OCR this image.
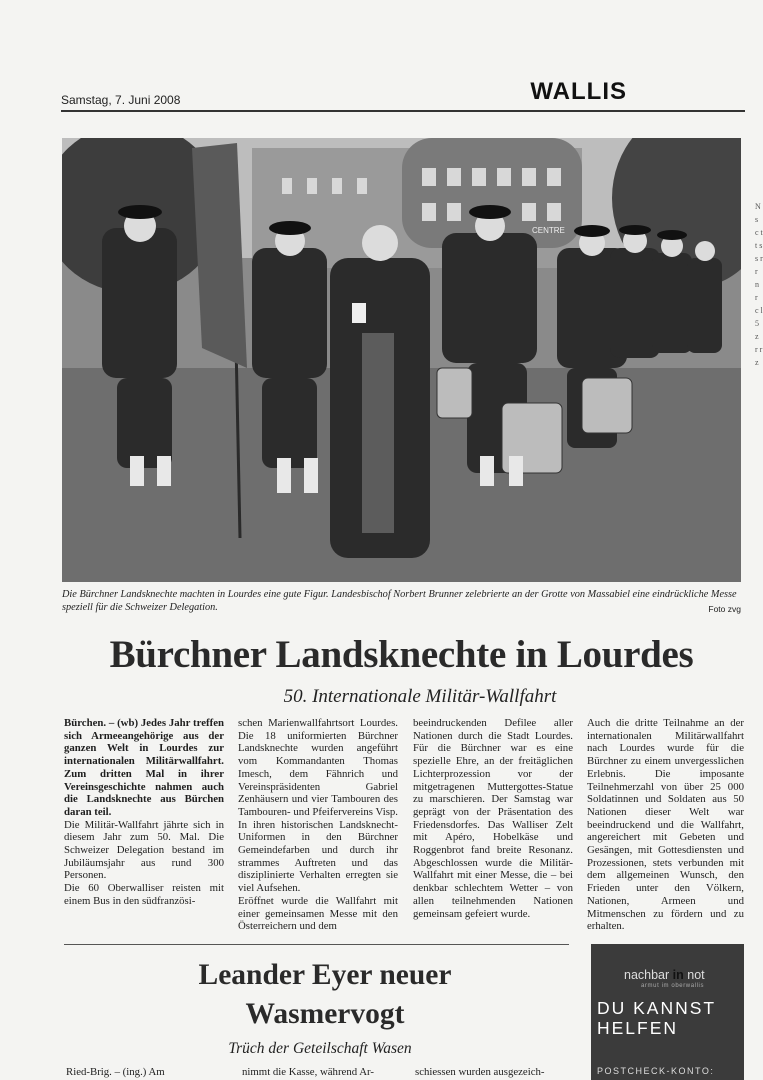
Samstag, 7. Juni 2008	WALLIS
CENTRE
Die Bürchner Landsknechte machten in Lourdes eine gute Figur. Landesbischof Norbert Brunner zelebrierte an der Grotte von Massabiel eine eindrückliche Messe speziell für die Schweizer Delegation.	Foto zvg
Bürchner Landsknechte in Lourdes
50. Internationale Militär-Wallfahrt

Bürchen. – (wb) Jedes Jahr treffen sich Armeeangehörige aus der ganzen Welt in Lourdes zur internationalen Militärwallfahrt. Zum dritten Mal in ihrer Vereinsgeschichte nahmen auch die Landsknechte aus Bürchen daran teil.

Die Militär-Wallfahrt jährte sich in diesem Jahr zum 50. Mal. Die Schweizer Delegation bestand im Jubiläumsjahr aus rund 300 Personen.

Die 60 Oberwalliser reisten mit einem Bus in den südfranzösi-

schen Marienwallfahrtsort Lourdes. Die 18 uniformierten Bürchner Landsknechte wurden angeführt vom Kommandanten Thomas Imesch, dem Fähnrich und Vereinspräsidenten Gabriel Zenhäusern und vier Tambouren des Tambouren- und Pfeifervereins Visp. In ihren historischen Landsknecht-Uniformen in den Bürchner Gemeindefarben und durch ihr strammes Auftreten und das disziplinierte Verhalten erregten sie viel Aufsehen.

Eröffnet wurde die Wallfahrt mit einer gemeinsamen Messe mit den Österreichern und dem

beeindruckenden Defilee aller Nationen durch die Stadt Lourdes. Für die Bürchner war es eine spezielle Ehre, an der freitäglichen Lichterprozession vor der mitgetragenen Muttergottes-Statue zu marschieren. Der Samstag war geprägt von der Präsentation des Friedensdorfes. Das Walliser Zelt mit Apéro, Hobelkäse und Roggenbrot fand breite Resonanz. Abgeschlossen wurde die Militär-Wallfahrt mit einer Messe, die – bei denkbar schlechtem Wetter – von allen teilnehmenden Nationen gemeinsam gefeiert wurde.

Auch die dritte Teilnahme an der internationalen Militärwallfahrt nach Lourdes wurde für die Bürchner zu einem unvergesslichen Erlebnis. Die imposante Teilnehmerzahl von über 25 000 Soldatinnen und Soldaten aus 50 Nationen dieser Welt war beeindruckend und die Wallfahrt, angereichert mit Gebeten und Gesängen, mit Gottesdiensten und Prozessionen, stets verbunden mit dem allgemeinen Wunsch, den Frieden unter den Völkern, Nationen, Armeen und Mitmenschen zu fördern und zu erhalten.

Leander Eyer neuer Wasmervogt
Trüch der Geteilschaft Wasen
Ried-Brig. – (ing.) Am	nimmt die Kasse, während Ar-	schiessen wurden ausgezeich-
nachbar in not
armut im oberwallis
DU KANNST HELFEN
POSTCHECK-KONTO:
N s c t t s s r r n r c l 5 z r r z
